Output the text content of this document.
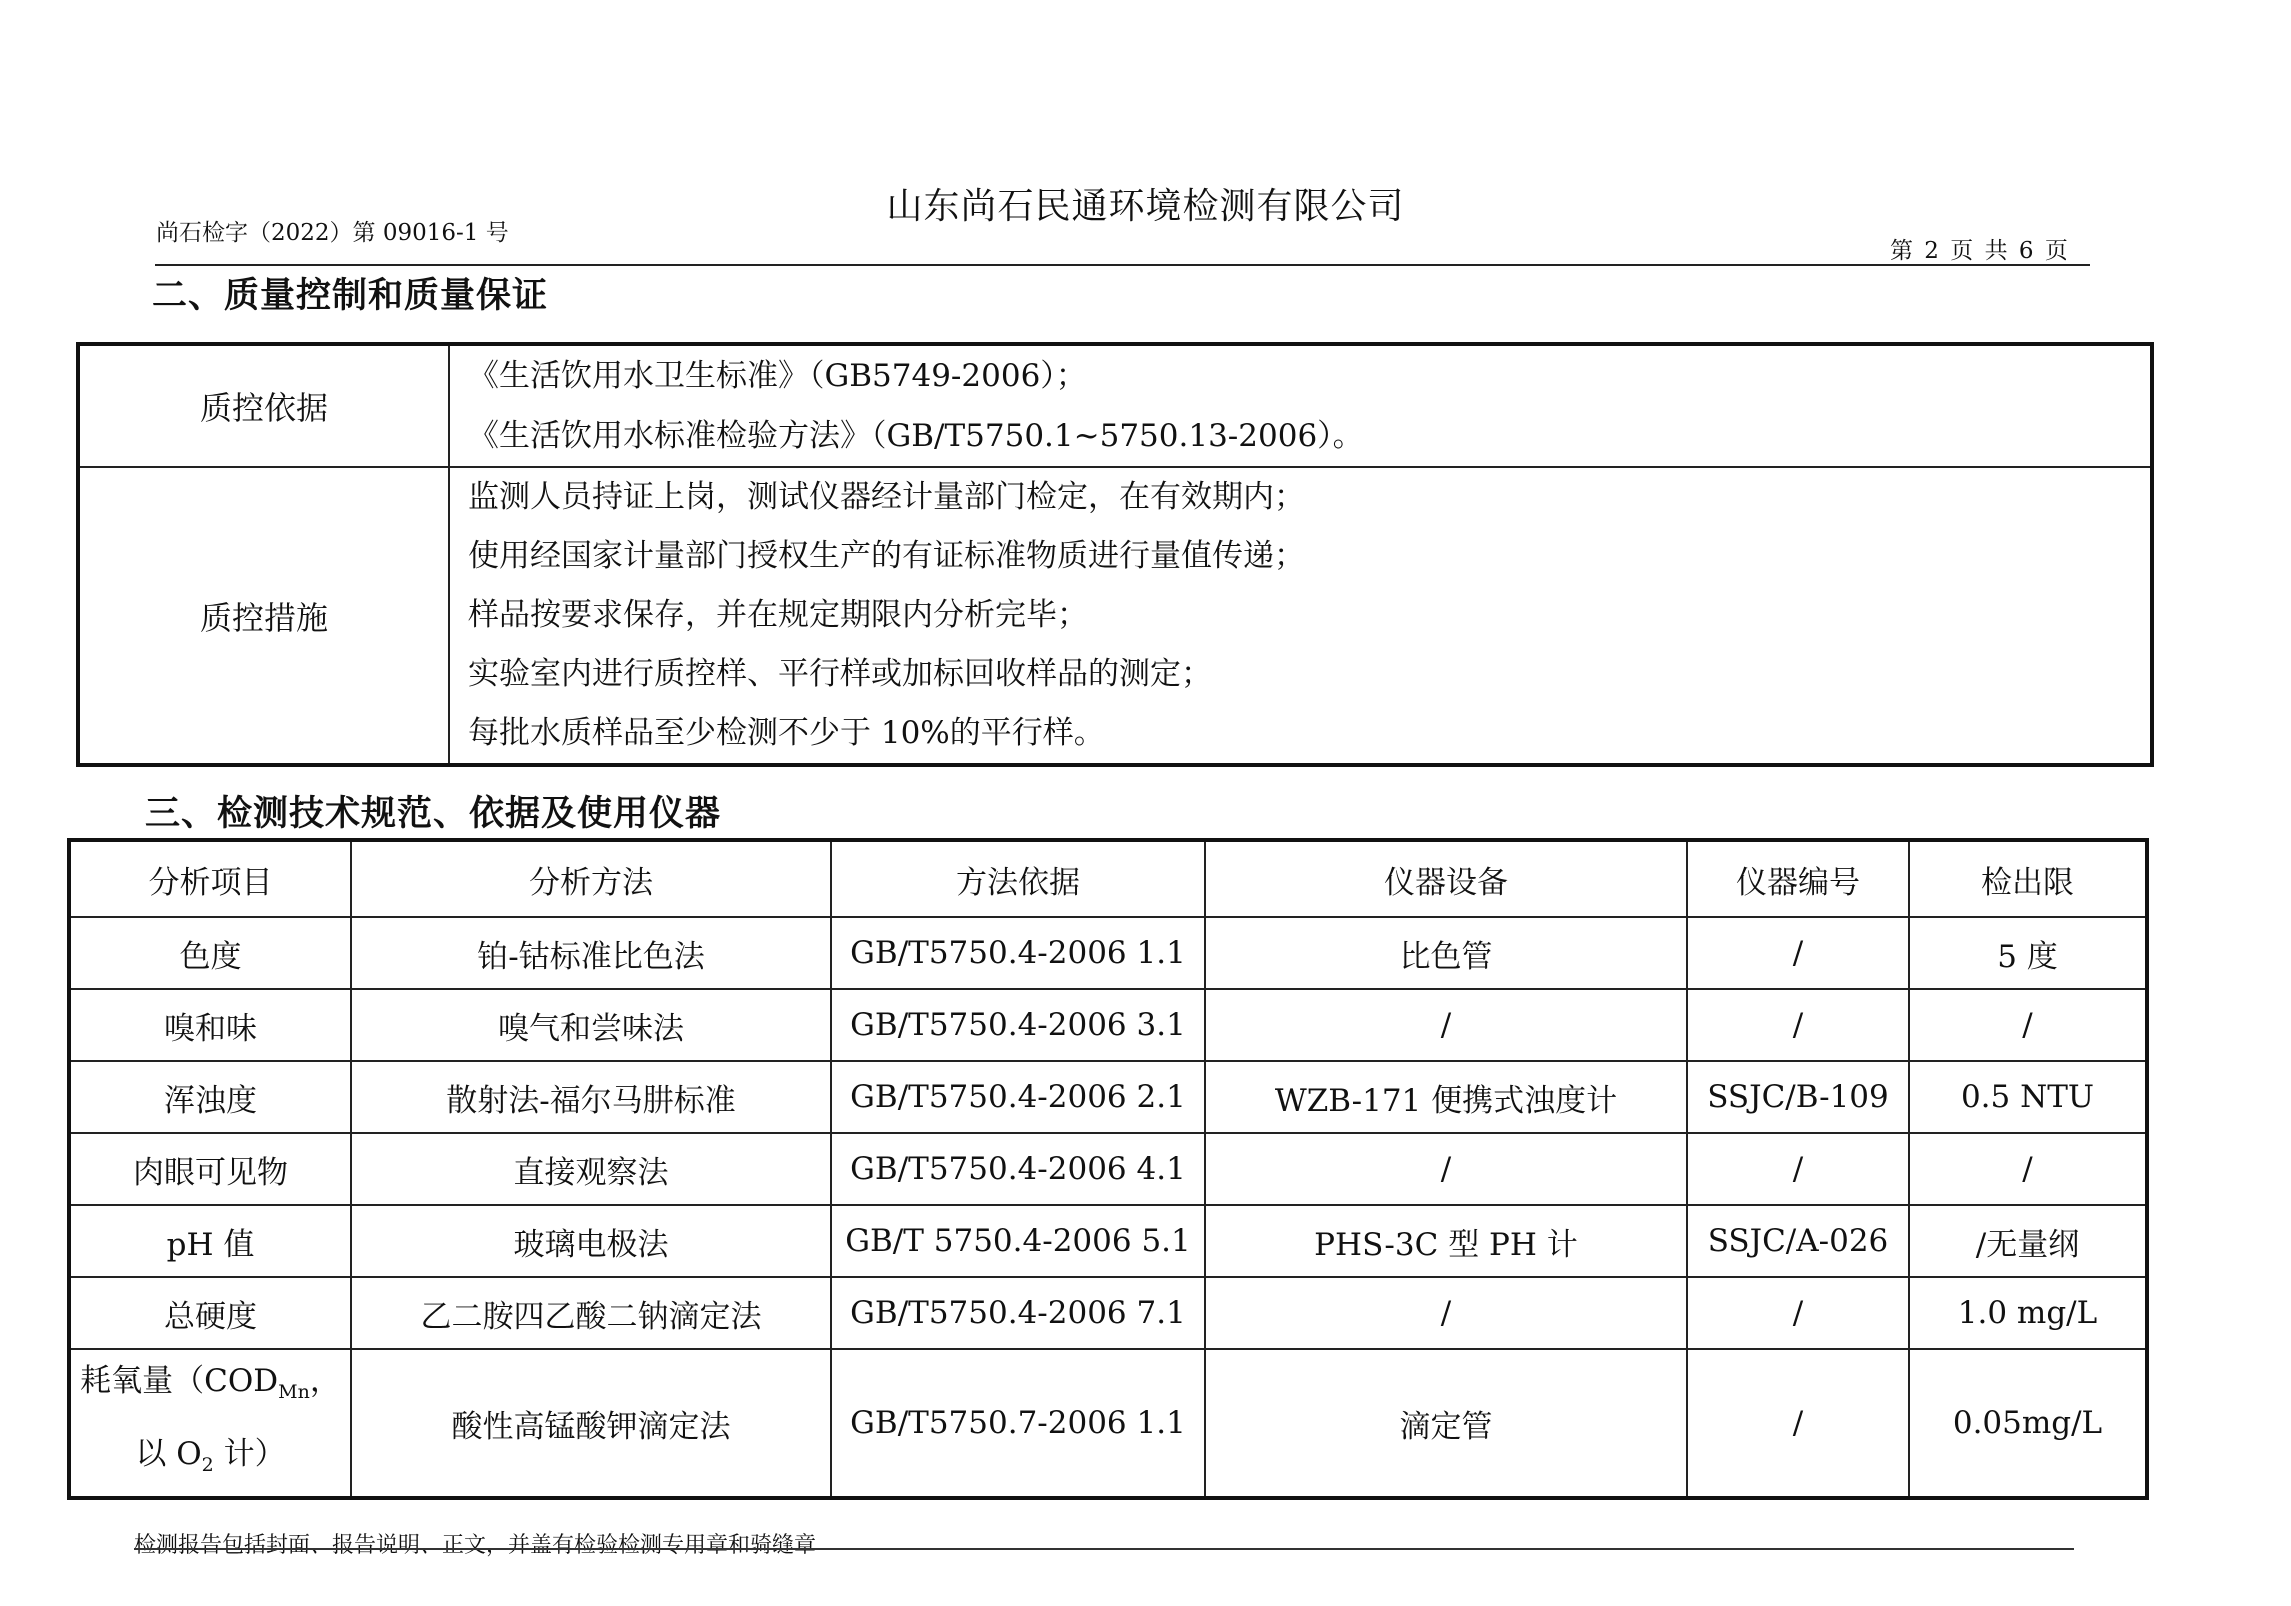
山东尚石民通环境检测有限公司
尚石检字（2022）第 09016-1 号
第 2 页 共 6 页
二、质量控制和质量保证
质控依据	《生活饮用水卫生标准》（GB5749-2006）；
《生活饮用水标准检验方法》（GB/T5750.1~5750.13-2006）。

质控措施	监测人员持证上岗，测试仪器经计量部门检定，在有效期内；
使用经国家计量部门授权生产的有证标准物质进行量值传递；
样品按要求保存，并在规定期限内分析完毕；
实验室内进行质控样、平行样或加标回收样品的测定；
每批水质样品至少检测不少于 10%的平行样。
三、检测技术规范、依据及使用仪器
分析项目	分析方法	方法依据	仪器设备	仪器编号	检出限
色度	铂-钴标准比色法	GB/T5750.4-2006 1.1	比色管	/	5 度
嗅和味	嗅气和尝味法	GB/T5750.4-2006 3.1	/	/	/
浑浊度	散射法-福尔马肼标准	GB/T5750.4-2006 2.1	WZB-171 便携式浊度计	SSJC/B-109	0.5 NTU
肉眼可见物	直接观察法	GB/T5750.4-2006 4.1	/	/	/
pH 值	玻璃电极法	GB/T 5750.4-2006 5.1	PHS-3C 型 PH 计	SSJC/A-026	/无量纲
总硬度	乙二胺四乙酸二钠滴定法	GB/T5750.4-2006 7.1	/	/	1.0 mg/L

耗氧量（$COD_{Mn}$，
以 $O_2$ 计）	酸性高锰酸钾滴定法	GB/T5750.7-2006 1.1	滴定管	/	0.05mg/L
检测报告包括封面、报告说明、正文，并盖有检验检测专用章和骑缝章
